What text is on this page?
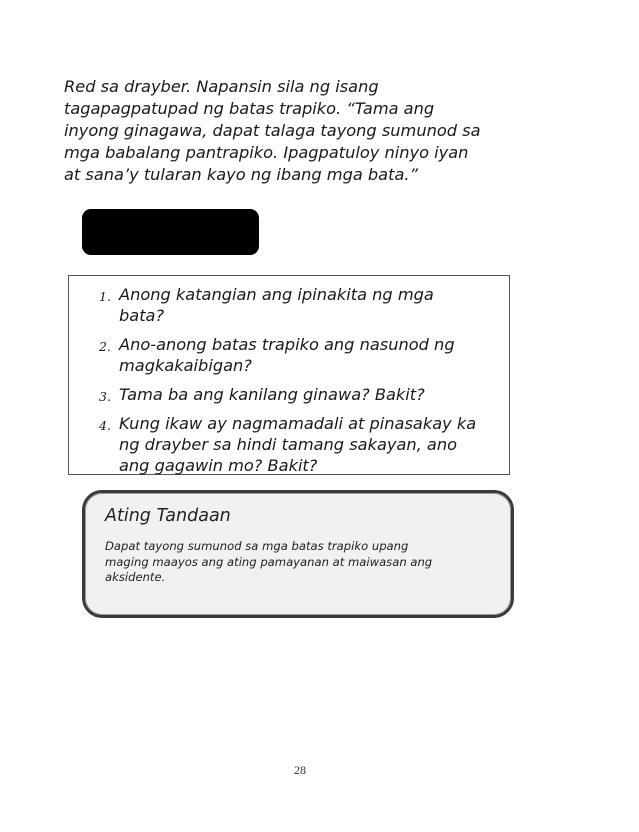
Red sa drayber. Napansin sila ng isang
tagapagpatupad ng batas trapiko. “Tama ang
inyong ginagawa, dapat talaga tayong sumunod sa
mga babalang pantrapiko. Ipagpatuloy ninyo iyan
at sana’y tularan kayo ng ibang mga bata.”
1. Anong katangian ang ipinakita ng mga
bata?
2. Ano-anong batas trapiko ang nasunod ng
magkakaibigan?
3. Tama ba ang kanilang ginawa? Bakit?
4. Kung ikaw ay nagmamadali at pinasakay ka
ng drayber sa hindi tamang sakayan, ano
ang gagawin mo? Bakit?
Ating Tandaan
Dapat tayong sumunod sa mga batas trapiko upang
maging maayos ang ating pamayanan at maiwasan ang
aksidente.
28
